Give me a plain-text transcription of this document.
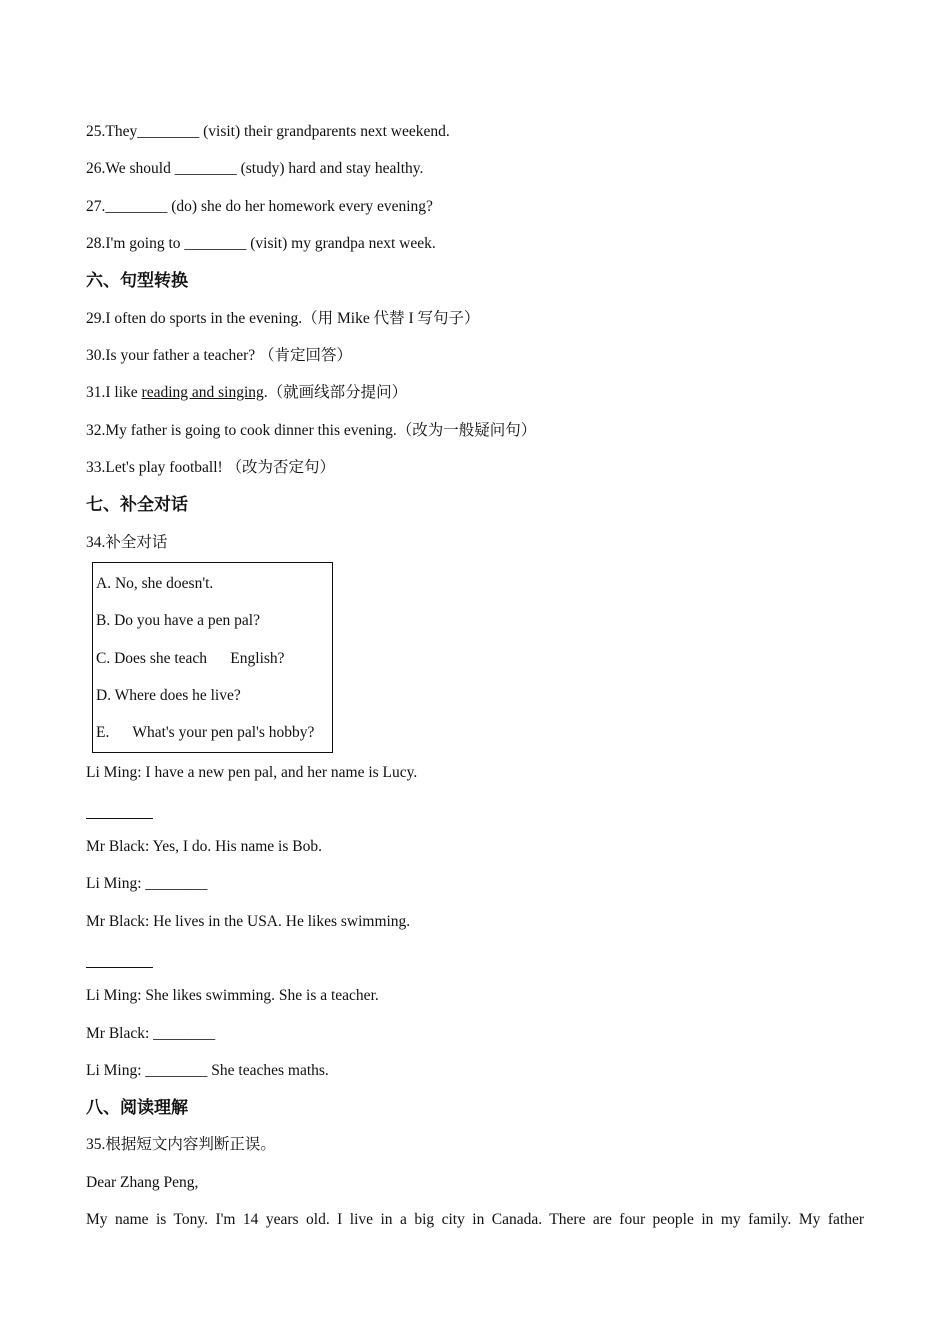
25.They________ (visit) their grandparents next weekend.
26.We should ________ (study) hard and stay healthy.
27.________ (do) she do her homework every evening?
28.I'm going to ________ (visit) my grandpa next week.
六、句型转换
29.I often do sports in the evening.（用 Mike 代替 I 写句子）
30.Is your father a teacher? （肯定回答）
31.I like reading and singing.（就画线部分提问）
32.My father is going to cook dinner this evening.（改为一般疑问句）
33.Let's play football! （改为否定句）
七、补全对话
34.补全对话
A. No, she doesn't.
B. Do you have a pen pal?
C. Does she teach      English?
D. Where does he live?
E.      What's your pen pal's hobby?
Li Ming: I have a new pen pal, and her name is Lucy.
Mr Black: Yes, I do. His name is Bob.
Li Ming: ________
Mr Black: He lives in the USA. He likes swimming.
Li Ming: She likes swimming. She is a teacher.
Mr Black: ________
Li Ming: ________ She teaches maths.
八、阅读理解
35.根据短文内容判断正误。
Dear Zhang Peng,
My name is Tony. I'm 14 years old. I live in a big city in Canada. There are four people in my family. My father
